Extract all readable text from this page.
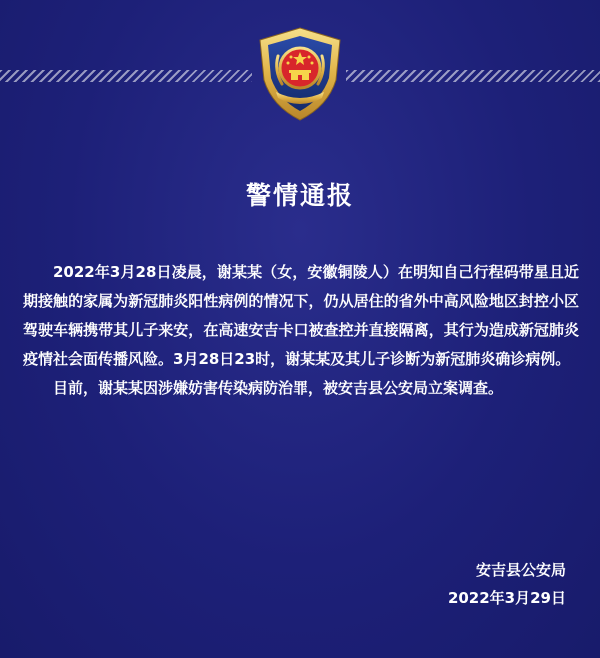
警情通报

2022年3月28日凌晨，谢某某（女，安徽铜陵人）在明知自己行程码带星且近期接触的家属为新冠肺炎阳性病例的情况下，仍从居住的省外中高风险地区封控小区驾驶车辆携带其儿子来安，在高速安吉卡口被查控并直接隔离，其行为造成新冠肺炎疫情社会面传播风险。3月28日23时，谢某某及其儿子诊断为新冠肺炎确诊病例。

目前，谢某某因涉嫌妨害传染病防治罪，被安吉县公安局立案调查。

安吉县公安局
2022年3月29日
